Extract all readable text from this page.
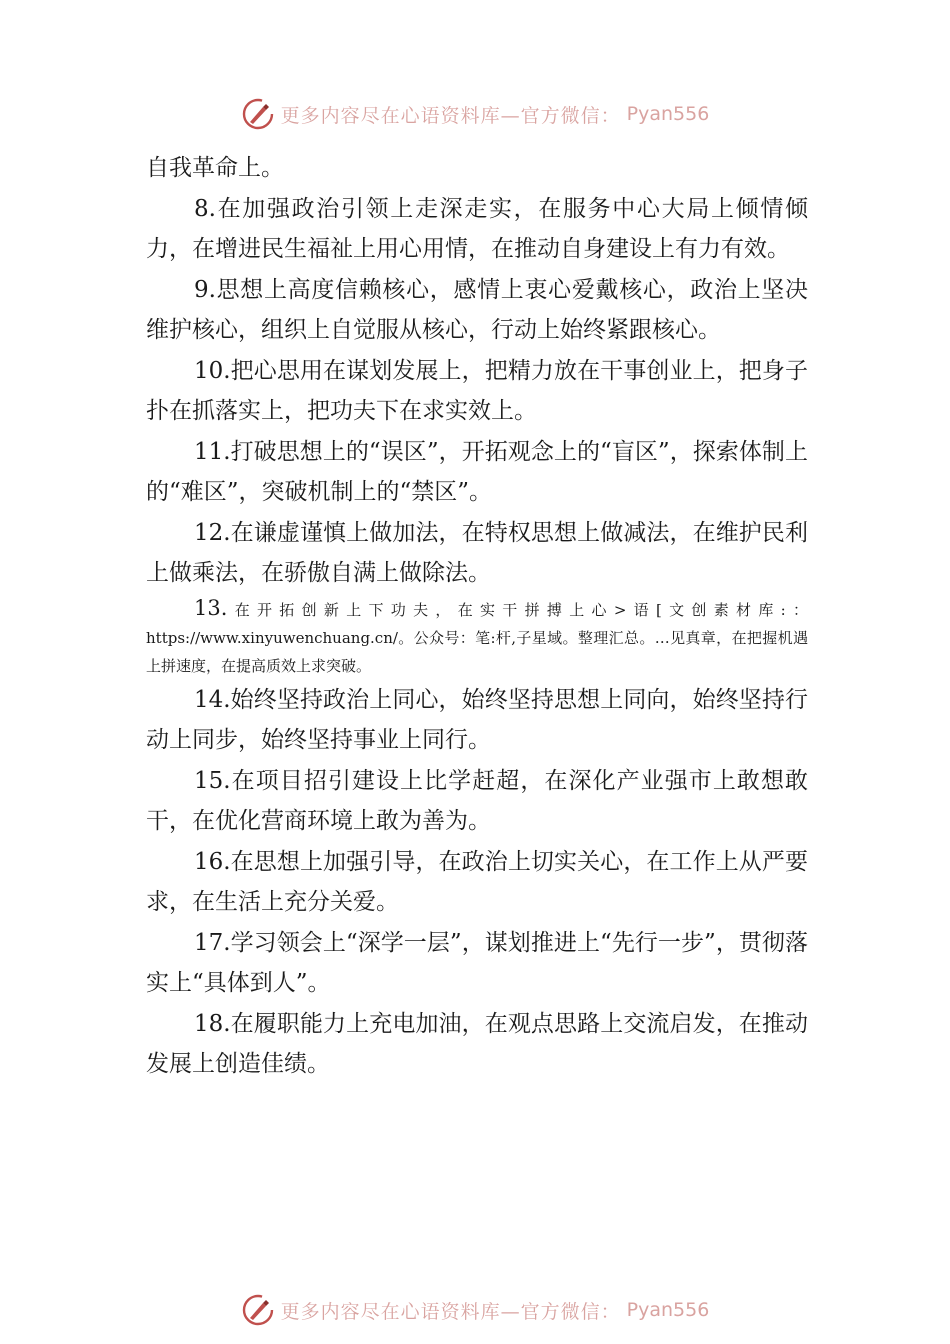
更多内容尽在心语资料库—官方微信： Pyan556

自我革命上。

8.在加强政治引领上走深走实，在服务中心大局上倾情倾力，在增进民生福祉上用心用情，在推动自身建设上有力有效。

9.思想上高度信赖核心，感情上衷心爱戴核心，政治上坚决维护核心，组织上自觉服从核心，行动上始终紧跟核心。

10.把心思用在谋划发展上，把精力放在干事创业上，把身子扑在抓落实上，把功夫下在求实效上。

11.打破思想上的“误区”，开拓观念上的“盲区”，探索体制上的“难区”，突破机制上的“禁区”。

12.在谦虚谨慎上做加法，在特权思想上做减法，在维护民利上做乘法，在骄傲自满上做除法。

13.在开拓创新上下功夫，在实干拼搏上心>语[文创素材库:：https://www.xinyuwenchuang.cn/。公众号：笔:杆,子星域。整理汇总。…见真章，在把握机遇上拼速度，在提高质效上求突破。

14.始终坚持政治上同心，始终坚持思想上同向，始终坚持行动上同步，始终坚持事业上同行。

15.在项目招引建设上比学赶超，在深化产业强市上敢想敢干，在优化营商环境上敢为善为。

16.在思想上加强引导，在政治上切实关心，在工作上从严要求，在生活上充分关爱。

17.学习领会上“深学一层”，谋划推进上“先行一步”，贯彻落实上“具体到人”。

18.在履职能力上充电加油，在观点思路上交流启发，在推动发展上创造佳绩。

更多内容尽在心语资料库—官方微信： Pyan556
